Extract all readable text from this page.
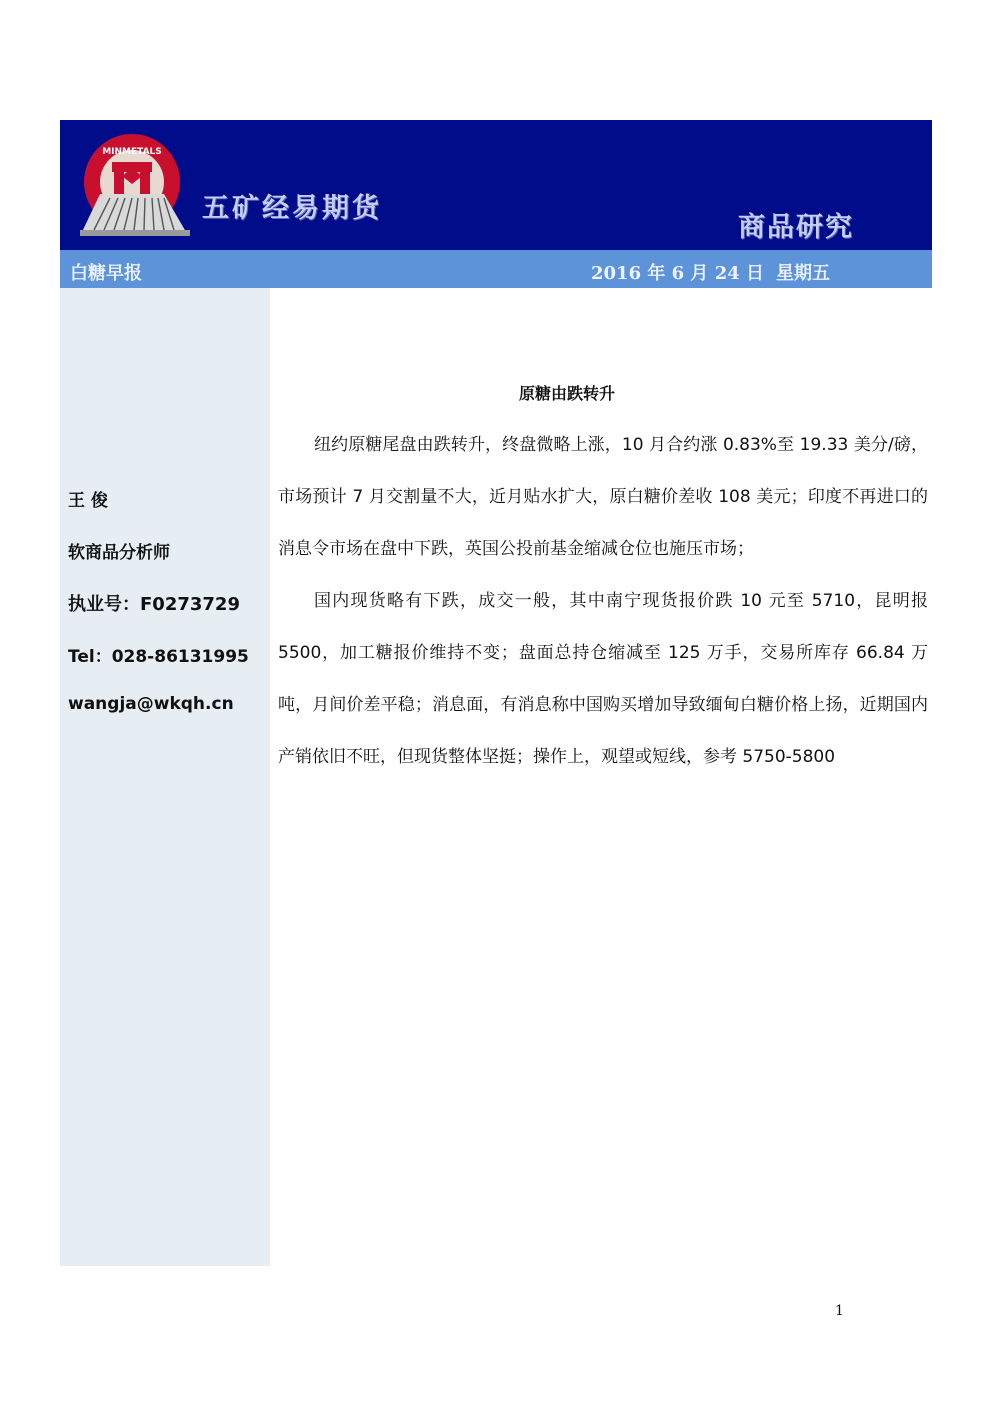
MINMETALS
五矿经易期货
商品研究
白糖早报	2016 年 6 月 24 日 星期五
王 俊
软商品分析师
执业号：F0273729
Tel：028-86131995
wangja@wkqh.cn
原糖由跌转升

纽约原糖尾盘由跌转升，终盘微略上涨，10 月合约涨 0.83%至 19.33 美分/磅，市场预计 7 月交割量不大，近月贴水扩大，原白糖价差收 108 美元；印度不再进口的消息令市场在盘中下跌，英国公投前基金缩减仓位也施压市场；

国内现货略有下跌，成交一般，其中南宁现货报价跌 10 元至 5710，昆明报 5500，加工糖报价维持不变；盘面总持仓缩减至 125 万手，交易所库存 66.84 万吨，月间价差平稳；消息面，有消息称中国购买增加导致缅甸白糖价格上扬，近期国内产销依旧不旺，但现货整体坚挺；操作上，观望或短线，参考 5750-5800

1
